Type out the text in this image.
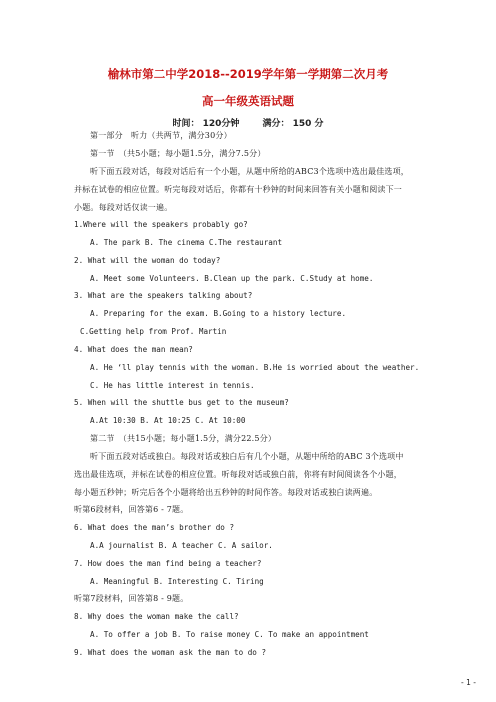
榆林市第二中学2018--2019学年第一学期第二次月考
高一年级英语试题
时间： 120分钟	满分： 150 分
第一部分　听力（共两节，满分30分）
第一节　（共5小题；每小题1.5分，满分7.5分）
听下面五段对话，每段对话后有一个小题，从题中所给的ABC3个选项中选出最佳选项，
并标在试卷的相应位置。听完每段对话后，你都有十秒钟的时间来回答有关小题和阅读下一
小题。每段对话仅读一遍。
1.Where will the speakers probably go?
A. The park B. The cinema C.The restaurant
2. What will the woman do today?
A. Meet some Volunteers. B.Clean up the park. C.Study at home.
3. What are the speakers talking about?
A. Preparing for the exam. B.Going to a history lecture.
C.Getting help from Prof. Martin
4. What does the man mean?
A. He ‘ll play tennis with the woman. B.He is worried about the weather.
C. He has little interest in tennis.
5. When will the shuttle bus get to the museum?
A.At 10:30 B. At 10:25 C. At 10:00
第二节　（共15小题；每小题1.5分，满分22.5分）
听下面五段对话或独白。每段对话或独白后有几个小题，从题中所给的ABC 3个选项中
选出最佳选项，并标在试卷的相应位置。听每段对话或独白前，你将有时间阅读各个小题，
每小题五秒钟；听完后各个小题将给出五秒钟的时间作答。每段对话或独白读两遍。
听第6段材料，回答第6 - 7题。
6. What does the man’s brother do ?
A.A journalist B. A teacher C. A sailor.
7. How does the man find being a teacher?
A. Meaningful B. Interesting C. Tiring
听第7段材料，回答第8 - 9题。
8. Why does the woman make the call?
A. To offer a job B. To raise money C. To make an appointment
9. What does the woman ask the man to do ?
- 1 -
